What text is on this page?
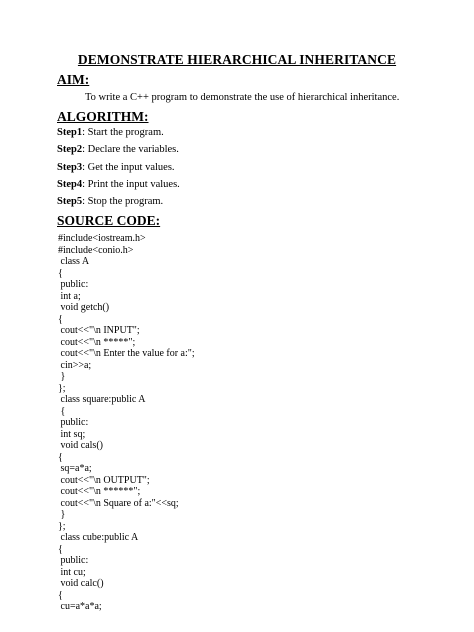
DEMONSTRATE HIERARCHICAL INHERITANCE
AIM:
To write a C++ program to demonstrate the use of hierarchical inheritance.
ALGORITHM:
Step1: Start the program.
Step2: Declare the variables.
Step3: Get the input values.
Step4: Print the input values.
Step5: Stop the program.
SOURCE CODE:
#include<iostream.h>
#include<conio.h>
class A
{
public:
int a;
void getch()
{
cout<<"\n INPUT";
cout<<"\n *****";
cout<<"\n Enter the value for a:";
cin>>a;
}
};
class square:public A
{
public:
int sq;
void cals()
{
sq=a*a;
cout<<"\n OUTPUT";
cout<<"\n ******";
cout<<"\n Square of a:"<<sq;
}
};
class cube:public A
{
public:
int cu;
void calc()
{
cu=a*a*a;
